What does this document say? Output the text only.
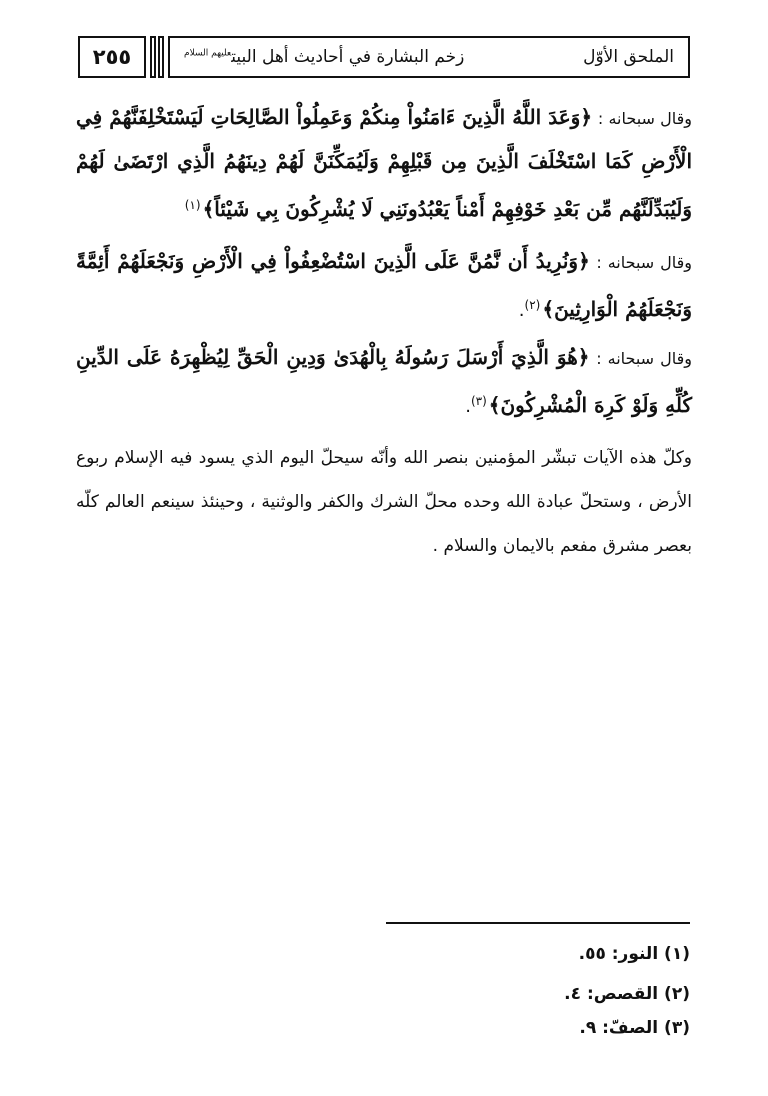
٢٥٥	الملحق الأوّل
زخم البشارة في أحاديث أهل البيت$^{عليهم السلام}$

وقال سبحانه : ﴿وَعَدَ اللَّهُ الَّذِينَ ءَامَنُواْ مِنكُمْ وَعَمِلُواْ الصَّالِحَاتِ لَيَسْتَخْلِفَنَّهُمْ فِي الْأَرْضِ كَمَا اسْتَخْلَفَ الَّذِينَ مِن قَبْلِهِمْ وَلَيُمَكِّنَنَّ لَهُمْ دِينَهُمُ الَّذِي ارْتَضَىٰ لَهُمْ وَلَيُبَدِّلَنَّهُم مِّن بَعْدِ خَوْفِهِمْ أَمْناً يَعْبُدُونَنِي لَا يُشْرِكُونَ بِي شَيْئاً﴾$^{(١)}$

وقال سبحانه : ﴿وَنُرِيدُ أَن نَّمُنَّ عَلَى الَّذِينَ اسْتُضْعِفُواْ فِي الْأَرْضِ وَنَجْعَلَهُمْ أَئِمَّةً وَنَجْعَلَهُمُ الْوَارِثِينَ﴾$^{(٢)}$.

وقال سبحانه : ﴿هُوَ الَّذِيَ أَرْسَلَ رَسُولَهُ بِالْهُدَىٰ وَدِينِ الْحَقِّ لِيُظْهِرَهُ عَلَى الدِّينِ كُلِّهِ وَلَوْ كَرِهَ الْمُشْرِكُونَ﴾$^{(٣)}$.

وكلّ هذه الآيات تبشّر المؤمنين بنصر الله وأنّه سيحلّ اليوم الذي يسود فيه الإسلام ربوع الأرض ، وستحلّ عبادة الله وحده محلّ الشرك والكفر والوثنية ، وحينئذ سينعم العالم كلّه بعصر مشرق مفعم بالايمان والسلام .

(١) النور: ٥٥.
(٢) القصص: ٤.
(٣) الصفّ: ٩.
